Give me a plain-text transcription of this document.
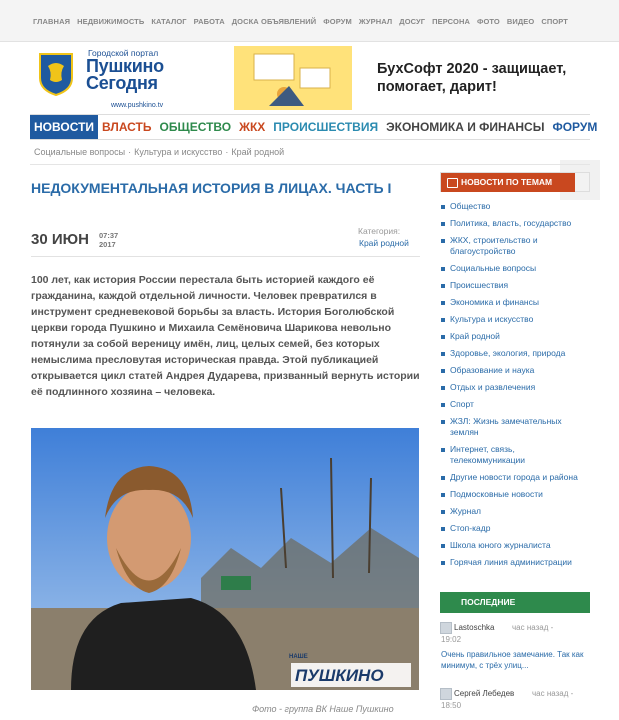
ГЛАВНАЯ НЕДВИЖИМОСТЬ КАТАЛОГ РАБОТА ДОСКА ОБЪЯВЛЕНИЙ ФОРУМ ЖУРНАЛ ДОСУГ ПЕРСОНА ФОТО ВИДЕО СПОРТ
Городской портал
Пушкино
Сегодня
www.pushkino.tv
БухСофт 2020 - защищает,
помогает, дарит!
НОВОСТИ ВЛАСТЬ ОБЩЕСТВО ЖКХ ПРОИСШЕСТВИЯ ЭКОНОМИКА И ФИНАНСЫ ФОРУМ
Социальные вопросы · Культура и искусство · Край родной
НЕДОКУМЕНТАЛЬНАЯ ИСТОРИЯ В ЛИЦАХ. ЧАСТЬ I
30 ИЮН 07:37
2017
Категория:
Край родной
100 лет, как история России перестала быть историей каждого её гражданина, каждой отдельной личности. Человек превратился в инструмент средневековой борьбы за власть. История Боголюбской церкви города Пушкино и Михаила Семёновича Шарикова невольно потянули за собой вереницу имён, лиц, целых семей, без которых немыслима пресловутая историческая правда. Этой публикацией открывается цикл статей Андрея Дударева, призванный вернуть истории её подлинного хозяина – человека.
НАШЕ
ПУШКИНО
Фото - группа ВК Наше Пушкино
НОВОСТИ ПО ТЕМАМ
Общество
Политика, власть, государство
ЖКХ, строительство и благоустройство
Социальные вопросы
Происшествия
Экономика и финансы
Культура и искусство
Край родной
Здоровье, экология, природа
Образование и наука
Отдых и развлечения
Спорт
ЖЗЛ: Жизнь замечательных землян
Интернет, связь, телекоммуникации
Другие новости города и района
Подмосковные новости
Журнал
Стоп-кадр
Школа юного журналиста
Горячая линия администрации
ПОСЛЕДНИЕ
Lastoschka час назад -
19:02
Очень правильное замечание. Так как минимум, с трёх улиц...
Сергей Лебедев час назад -
18:50
